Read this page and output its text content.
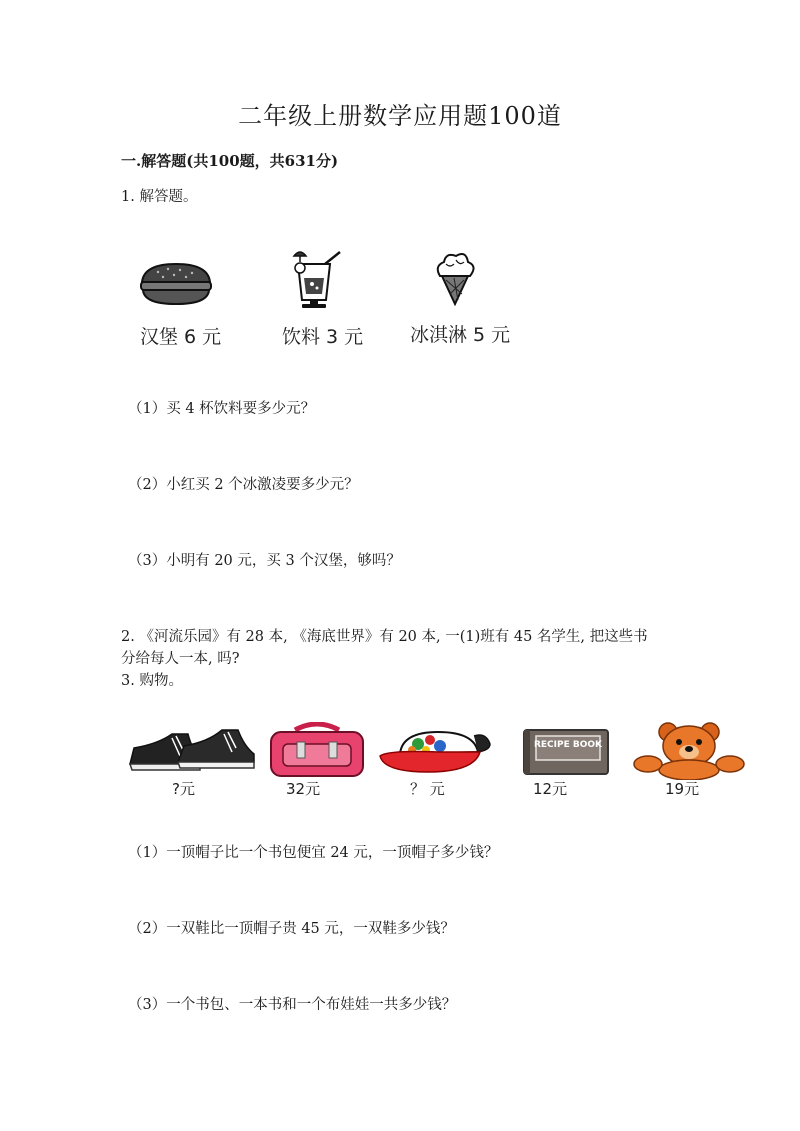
二年级上册数学应用题100道
一.解答题(共100题，共631分)
1. 解答题。
汉堡 6 元	饮料 3 元 冰淇淋 5 元
（1）买 4 杯饮料要多少元？
（2）小红买 2 个冰激凌要多少元？
（3）小明有 20 元，买 3 个汉堡，够吗？
2. 《河流乐园》有 28 本, 《海底世界》有 20 本, 一(1)班有 45 名学生, 把这些书
分给每人一本, 吗?
3. 购物。
?元	32元	？ 元
RECIPE BOOK
12元	19元
（1）一顶帽子比一个书包便宜 24 元，一顶帽子多少钱？
（2）一双鞋比一顶帽子贵 45 元，一双鞋多少钱？
（3）一个书包、一本书和一个布娃娃一共多少钱？
